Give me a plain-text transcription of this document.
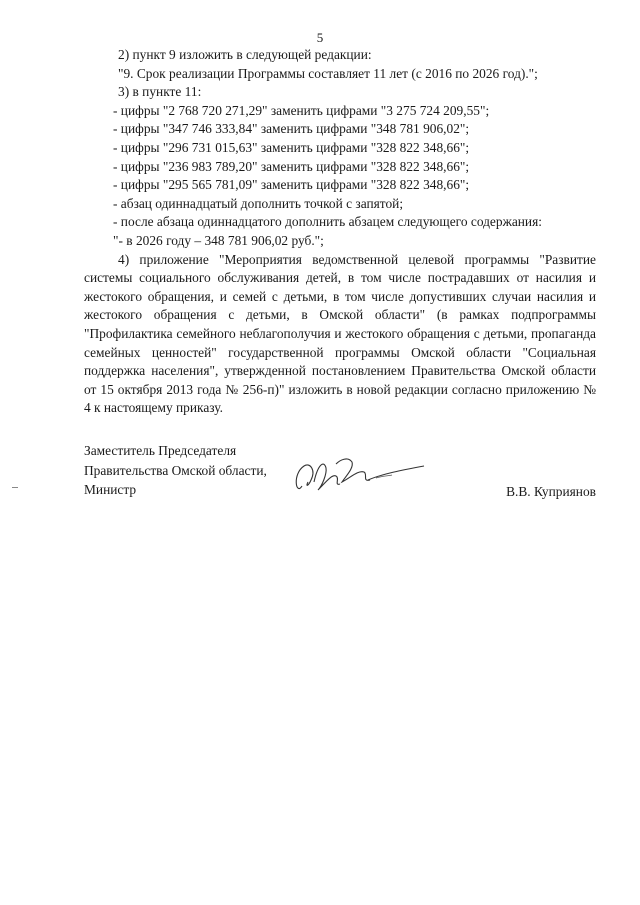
5

2) пункт 9 изложить в следующей редакции:

"9. Срок реализации Программы составляет 11 лет (с 2016 по 2026 год).";

3) в пункте 11:

- цифры "2 768 720 271,29" заменить цифрами "3 275 724 209,55";

- цифры "347 746 333,84" заменить цифрами "348 781 906,02";

- цифры "296 731 015,63" заменить цифрами "328 822 348,66";

- цифры "236 983 789,20" заменить цифрами "328 822 348,66";

- цифры "295 565 781,09" заменить цифрами "328 822 348,66";

- абзац одиннадцатый дополнить точкой с запятой;

- после абзаца одиннадцатого дополнить абзацем следующего содержания:

"- в 2026 году – 348 781 906,02 руб.";

4) приложение "Мероприятия ведомственной целевой программы "Развитие системы социального обслуживания детей, в том числе пострадавших от насилия и жестокого обращения, и семей с детьми, в том числе допустивших случаи насилия и жестокого обращения с детьми, в Омской области" (в рамках подпрограммы "Профилактика семейного неблагополучия и жестокого обращения с детьми, пропаганда семейных ценностей" государственной программы Омской области "Социальная поддержка населения", утвержденной постановлением Правительства Омской области от 15 октября 2013 года № 256-п)" изложить в новой редакции согласно приложению № 4 к настоящему приказу.

Заместитель Председателя

Правительства Омской области,

Министр	В.В. Куприянов
